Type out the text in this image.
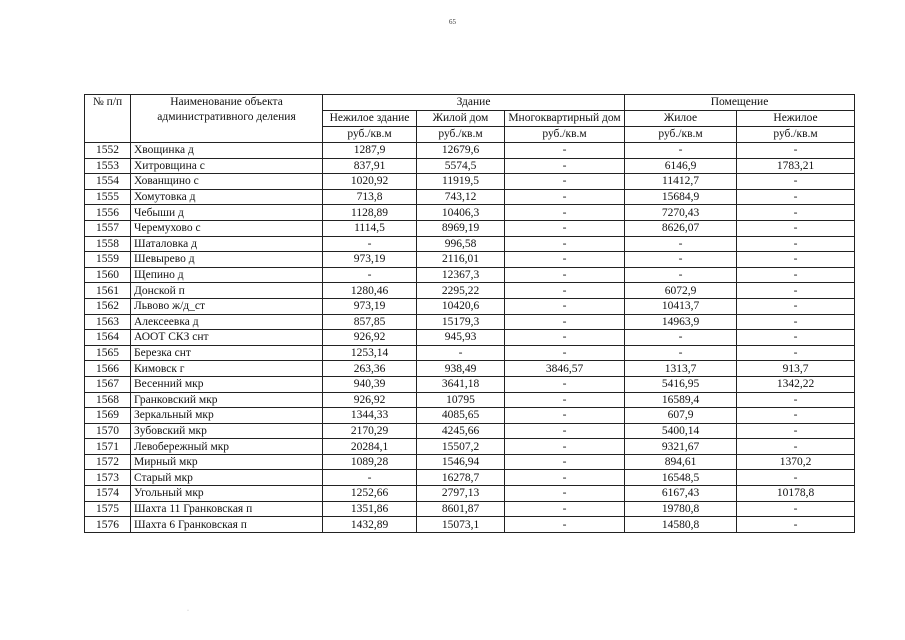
65
№ п/п	Наименование объекта административного деления	Здание			Помещение	
		Нежилое здание	Жилой дом	Многоквартирный дом	Жилое	Нежилое
		руб./кв.м	руб./кв.м	руб./кв.м	руб./кв.м	руб./кв.м
1552	Хвощинка д	1287,9	12679,6	-	-	-
1553	Хитровщина с	837,91	5574,5	-	6146,9	1783,21
1554	Хованщино с	1020,92	11919,5	-	11412,7	-
1555	Хомутовка д	713,8	743,12	-	15684,9	-
1556	Чебыши д	1128,89	10406,3	-	7270,43	-
1557	Черемухово с	1114,5	8969,19	-	8626,07	-
1558	Шаталовка д	-	996,58	-	-	-
1559	Шевырево д	973,19	2116,01	-	-	-
1560	Щепино д	-	12367,3	-	-	-
1561	Донской п	1280,46	2295,22	-	6072,9	-
1562	Львово ж/д_ст	973,19	10420,6	-	10413,7	-
1563	Алексеевка д	857,85	15179,3	-	14963,9	-
1564	АООТ СКЗ снт	926,92	945,93	-	-	-
1565	Березка снт	1253,14	-	-	-	-
1566	Кимовск г	263,36	938,49	3846,57	1313,7	913,7
1567	Весенний мкр	940,39	3641,18	-	5416,95	1342,22
1568	Гранковский мкр	926,92	10795	-	16589,4	-
1569	Зеркальный мкр	1344,33	4085,65	-	607,9	-
1570	Зубовский мкр	2170,29	4245,66	-	5400,14	-
1571	Левобережный мкр	20284,1	15507,2	-	9321,67	-
1572	Мирный мкр	1089,28	1546,94	-	894,61	1370,2
1573	Старый мкр	-	16278,7	-	16548,5	-
1574	Угольный мкр	1252,66	2797,13	-	6167,43	10178,8
1575	Шахта 11 Гранковская п	1351,86	8601,87	-	19780,8	-
1576	Шахта 6 Гранковская п	1432,89	15073,1	-	14580,8	-
·
